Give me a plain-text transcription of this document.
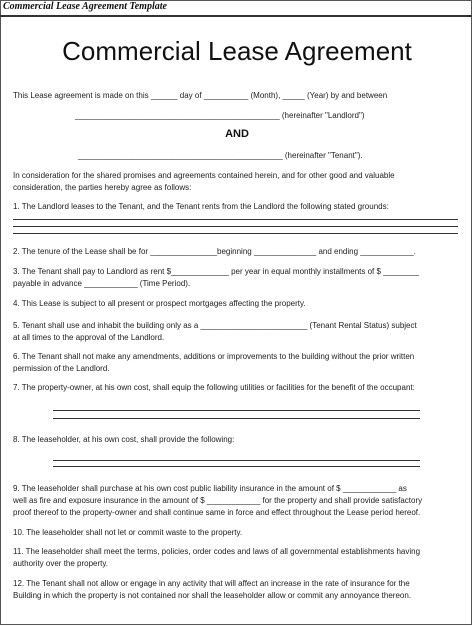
Commercial Lease Agreement Template
Commercial Lease Agreement
This Lease agreement is made on this ______ day of __________ (Month), _____ (Year) by and between
______________________________________________ (hereinafter "Landlord")
AND
______________________________________________ (hereinafter "Tenant").
In consideration for the shared promises and agreements contained herein, and for other good and valuable
consideration, the parties hereby agree as follows:
1. The Landlord leases to the Tenant, and the Tenant rents from the Landlord the following stated grounds:
2. The tenure of the Lease shall be for _______________beginning ______________ and ending ____________.
3. The Tenant shall pay to Landlord as rent $_____________ per year in equal monthly installments of $ ________
payable in advance ____________ (Time Period).
4. This Lease is subject to all present or prospect mortgages affecting the property.
5. Tenant shall use and inhabit the building only as a ________________________ (Tenant Rental Status) subject
at all times to the approval of the Landlord.
6. The Tenant shall not make any amendments, additions or improvements to the building without the prior written
permission of the Landlord.
7. The property-owner, at his own cost, shall equip the following utilities or facilities for the benefit of the occupant:
8. The leaseholder, at his own cost, shall provide the following:
9. The leaseholder shall purchase at his own cost public liability insurance in the amount of $ ____________ as
well as fire and exposure insurance in the amount of $ ____________ for the property and shall provide satisfactory
proof thereof to the property-owner and shall continue same in force and effect throughout the Lease period hereof.
10. The leaseholder shall not let or commit waste to the property.
11. The leaseholder shall meet the terms, policies, order codes and laws of all governmental establishments having
authority over the property.
12. The Tenant shall not allow or engage in any activity that will affect an increase in the rate of insurance for the
Building in which the property is not contained nor shall the leaseholder allow or commit any annoyance thereon.
